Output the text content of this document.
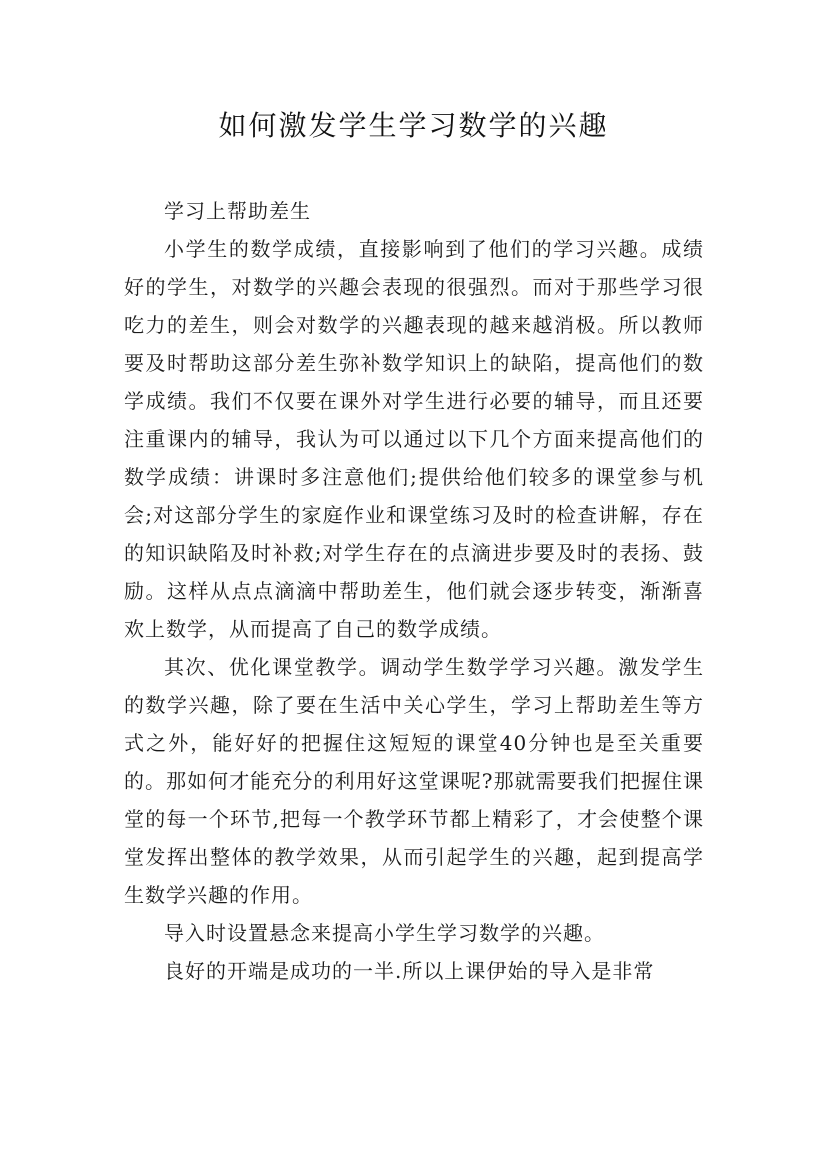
如何激发学生学习数学的兴趣

学习上帮助差生

小学生的数学成绩，直接影响到了他们的学习兴趣。成绩好的学生，对数学的兴趣会表现的很强烈。而对于那些学习很吃力的差生，则会对数学的兴趣表现的越来越消极。所以教师要及时帮助这部分差生弥补数学知识上的缺陷，提高他们的数学成绩。我们不仅要在课外对学生进行必要的辅导，而且还要注重课内的辅导，我认为可以通过以下几个方面来提高他们的数学成绩：讲课时多注意他们;提供给他们较多的课堂参与机会;对这部分学生的家庭作业和课堂练习及时的检查讲解，存在的知识缺陷及时补救;对学生存在的点滴进步要及时的表扬、鼓励。这样从点点滴滴中帮助差生，他们就会逐步转变，渐渐喜欢上数学，从而提高了自己的数学成绩。

其次、优化课堂教学。调动学生数学学习兴趣。激发学生的数学兴趣，除了要在生活中关心学生，学习上帮助差生等方式之外，能好好的把握住这短短的课堂40分钟也是至关重要的。那如何才能充分的利用好这堂课呢?那就需要我们把握住课堂的每一个环节,把每一个教学环节都上精彩了，才会使整个课堂发挥出整体的教学效果，从而引起学生的兴趣，起到提高学生数学兴趣的作用。

导入时设置悬念来提高小学生学习数学的兴趣。

良好的开端是成功的一半.所以上课伊始的导入是非常
